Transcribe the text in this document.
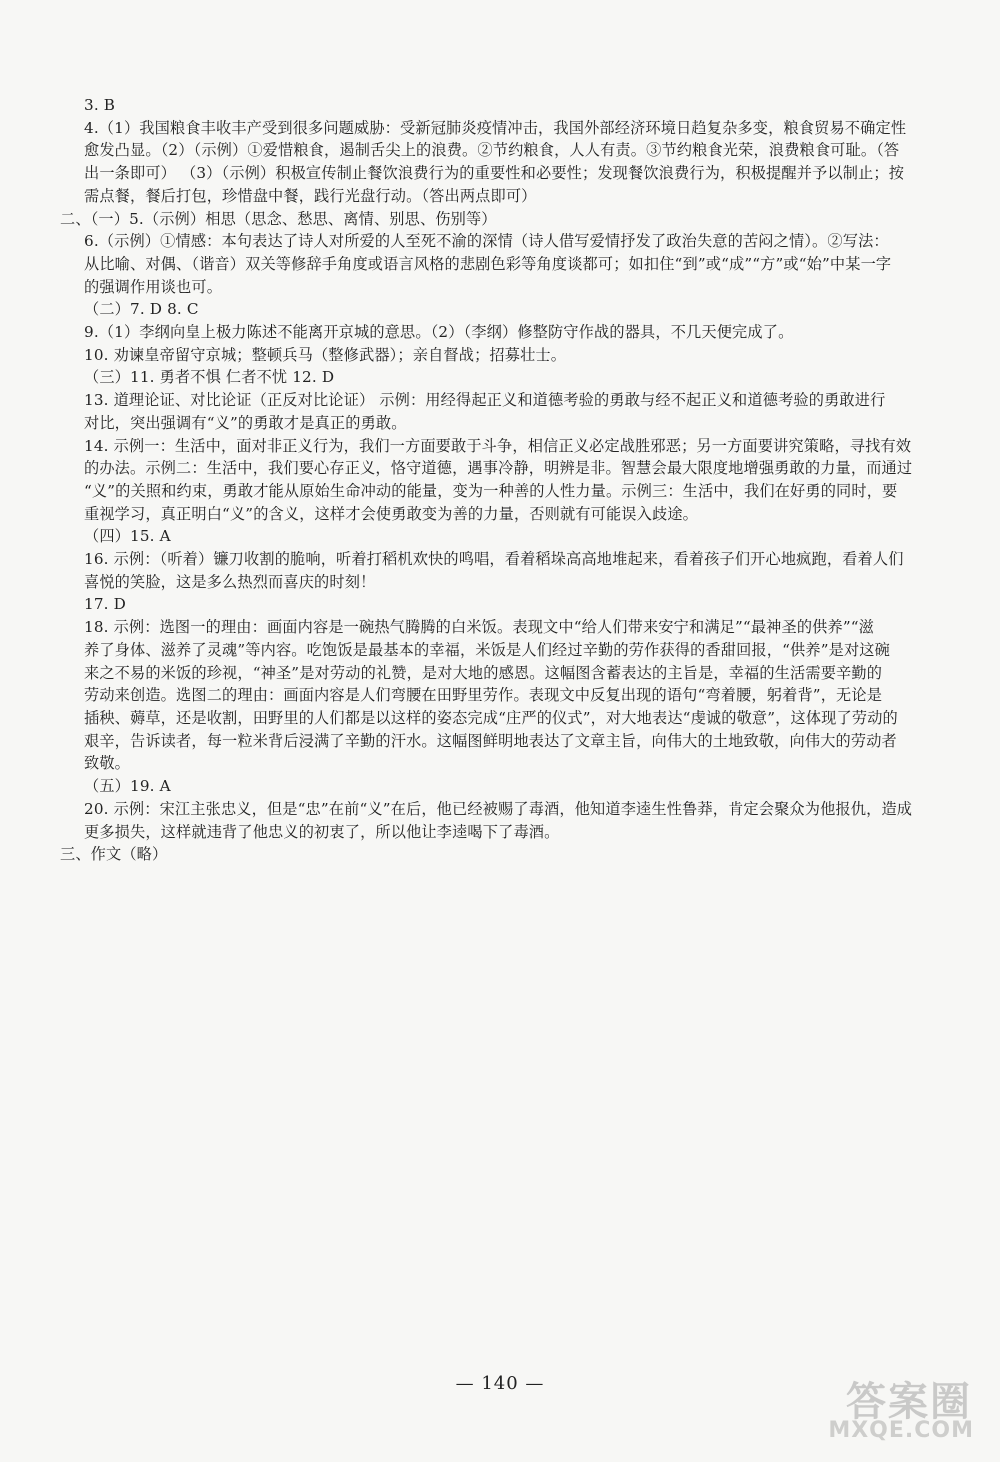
3. B
4.（1）我国粮食丰收丰产受到很多问题威胁：受新冠肺炎疫情冲击，我国外部经济环境日趋复杂多变，粮食贸易不确定性
愈发凸显。（2）（示例）①爱惜粮食，遏制舌尖上的浪费。②节约粮食，人人有责。③节约粮食光荣，浪费粮食可耻。（答
出一条即可） （3）（示例）积极宣传制止餐饮浪费行为的重要性和必要性；发现餐饮浪费行为，积极提醒并予以制止；按
需点餐，餐后打包，珍惜盘中餐，践行光盘行动。（答出两点即可）
二、（一）5.（示例）相思（思念、愁思、离情、别思、伤别等）
6.（示例）①情感：本句表达了诗人对所爱的人至死不渝的深情（诗人借写爱情抒发了政治失意的苦闷之情）。②写法：
从比喻、对偶、（谐音）双关等修辞手角度或语言风格的悲剧色彩等角度谈都可；如扣住“到”或“成”“方”或“始”中某一字
的强调作用谈也可。
（二）7. D 8. C
9.（1）李纲向皇上极力陈述不能离开京城的意思。（2）（李纲）修整防守作战的器具，不几天便完成了。
10. 劝谏皇帝留守京城；整顿兵马（整修武器）；亲自督战；招募壮士。
（三）11. 勇者不惧 仁者不忧 12. D
13. 道理论证、对比论证（正反对比论证） 示例：用经得起正义和道德考验的勇敢与经不起正义和道德考验的勇敢进行
对比，突出强调有“义”的勇敢才是真正的勇敢。
14. 示例一：生活中，面对非正义行为，我们一方面要敢于斗争，相信正义必定战胜邪恶；另一方面要讲究策略，寻找有效
的办法。示例二：生活中，我们要心存正义，恪守道德，遇事冷静，明辨是非。智慧会最大限度地增强勇敢的力量，而通过
“义”的关照和约束，勇敢才能从原始生命冲动的能量，变为一种善的人性力量。示例三：生活中，我们在好勇的同时，要
重视学习，真正明白“义”的含义，这样才会使勇敢变为善的力量，否则就有可能误入歧途。
（四）15. A
16. 示例：（听着）镰刀收割的脆响，听着打稻机欢快的鸣唱，看着稻垛高高地堆起来，看着孩子们开心地疯跑，看着人们
喜悦的笑脸，这是多么热烈而喜庆的时刻！
17. D
18. 示例：选图一的理由：画面内容是一碗热气腾腾的白米饭。表现文中“给人们带来安宁和满足”“最神圣的供养”“滋
养了身体、滋养了灵魂”等内容。吃饱饭是最基本的幸福，米饭是人们经过辛勤的劳作获得的香甜回报，“供养”是对这碗
来之不易的米饭的珍视，“神圣”是对劳动的礼赞，是对大地的感恩。这幅图含蓄表达的主旨是，幸福的生活需要辛勤的
劳动来创造。选图二的理由：画面内容是人们弯腰在田野里劳作。表现文中反复出现的语句“弯着腰，躬着背”，无论是
插秧、薅草，还是收割，田野里的人们都是以这样的姿态完成“庄严的仪式”，对大地表达“虔诚的敬意”，这体现了劳动的
艰辛，告诉读者，每一粒米背后浸满了辛勤的汗水。这幅图鲜明地表达了文章主旨，向伟大的土地致敬，向伟大的劳动者
致敬。
（五）19. A
20. 示例：宋江主张忠义，但是“忠”在前“义”在后，他已经被赐了毒酒，他知道李逵生性鲁莽，肯定会聚众为他报仇，造成
更多损失，这样就违背了他忠义的初衷了，所以他让李逵喝下了毒酒。
三、作文（略）
— 140 —	答案圈
MXQE.COM
